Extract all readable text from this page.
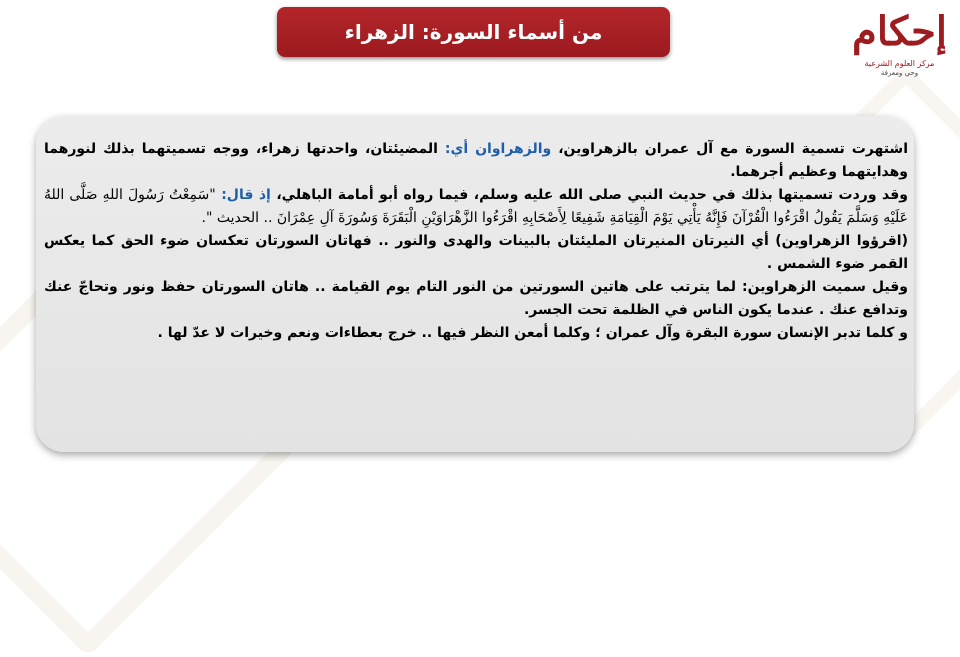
إحكام
مركز العلوم الشرعية
وحي ومعرفة
من أسماء السورة: الزهراء

اشتهرت تسمية السورة مع آل عمران بالزهراوين، والزهراوان أي: المضيئتان، واحدتها زهراء، ووجه تسميتهما بذلك لنورهما وهدايتهما وعظيم أجرهما.

وقد وردت تسميتها بذلك في حديث النبي صلى الله عليه وسلم، فيما رواه أبو أمامة الباهلي، إذ قال: "سَمِعْتُ رَسُولَ اللهِ صَلَّى اللهُ عَلَيْهِ وَسَلَّمَ يَقُولُ اقْرَءُوا الْقُرْآنَ فَإِنَّهُ يَأْتِي يَوْمَ الْقِيَامَةِ شَفِيعًا لِأَصْحَابِهِ اقْرَءُوا الزَّهْرَاوَيْنِ الْبَقَرَةَ وَسُورَةَ آلِ عِمْرَانَ .. الحديث ".

(اقرؤوا الزهراوين) أي النيرتان المنيرتان المليئتان بالبينات والهدى والنور .. فهاتان السورتان تعكسان ضوء الحق كما يعكس القمر ضوء الشمس .

وقيل سميت الزهراوين: لما يترتب على هاتين السورتين من النور التام يوم القيامة .. هاتان السورتان حفظ ونور وتحاجّ عنك وتدافع عنك . عندما يكون الناس في الظلمة تحت الجسر.

و كلما تدبر الإنسان سورة البقرة وآل عمران ؛ وكلما أمعن النظر فيها .. خرج بعطاءات ونعم وخيرات لا عدّ لها .
